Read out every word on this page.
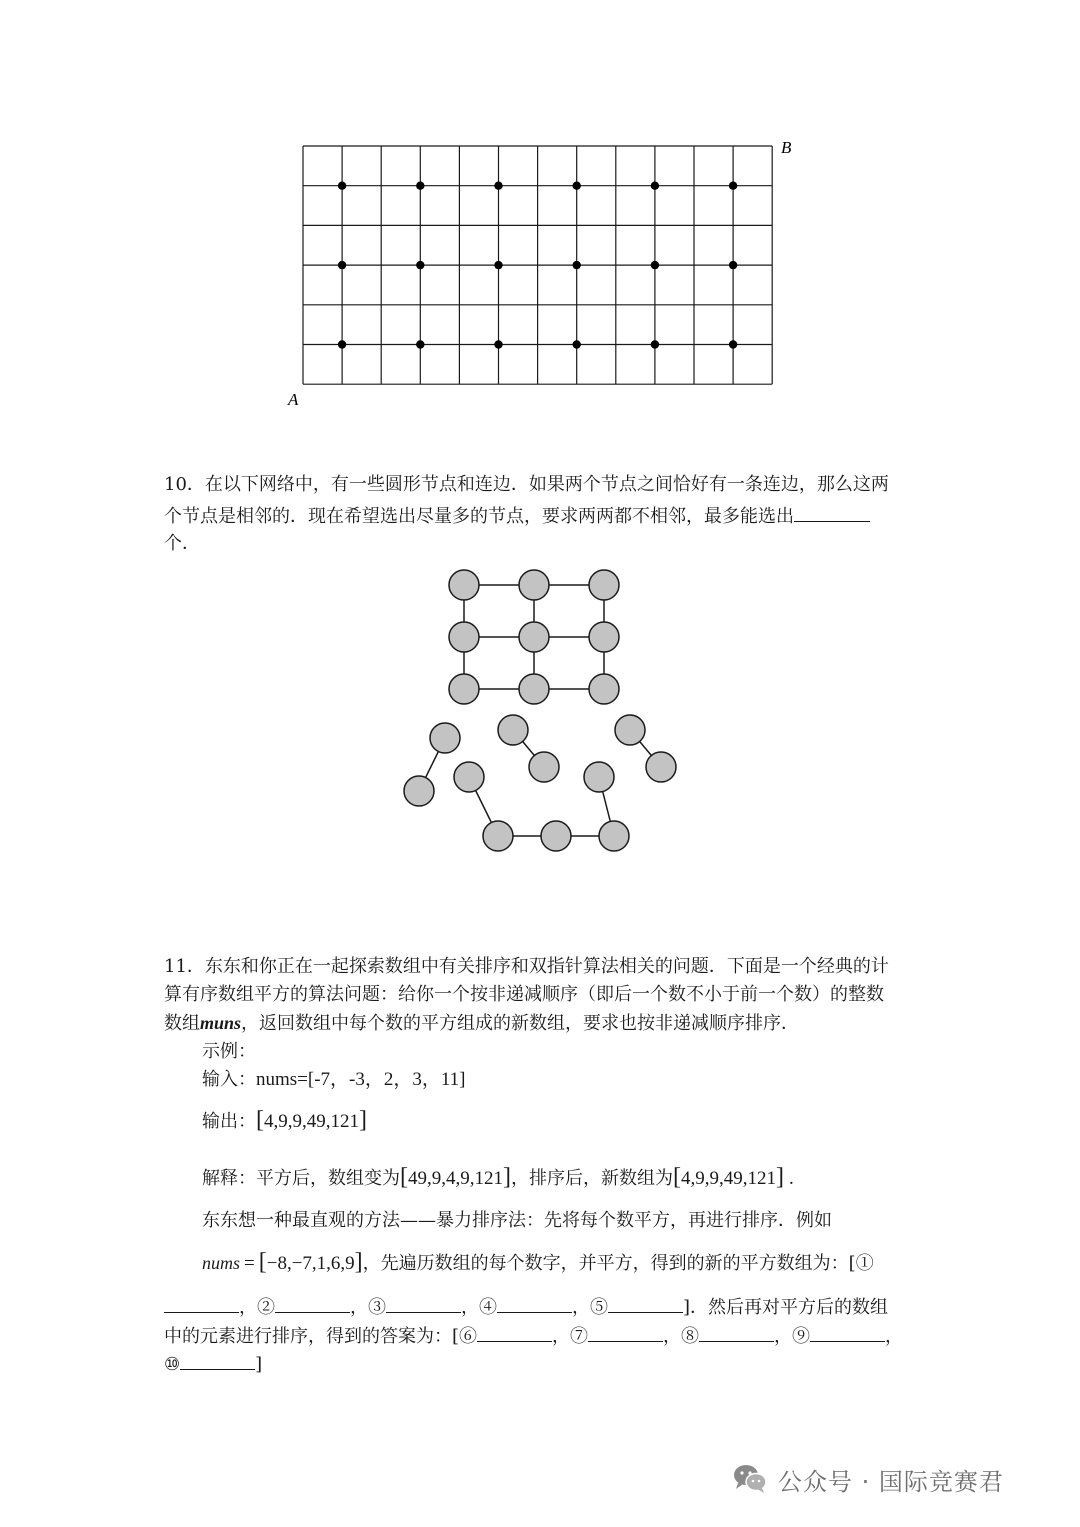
B
A
10．在以下网络中，有一些圆形节点和连边．如果两个节点之间恰好有一条连边，那么这两
个节点是相邻的．现在希望选出尽量多的节点，要求两两都不相邻，最多能选出
个．
11．东东和你正在一起探索数组中有关排序和双指针算法相关的问题．下面是一个经典的计
算有序数组平方的算法问题：给你一个按非递减顺序（即后一个数不小于前一个数）的整数
数组muns，返回数组中每个数的平方组成的新数组，要求也按非递减顺序排序．
示例：
输入：nums=[-7，-3，2，3，11]
输出：[4,9,9,49,121]
解释：平方后，数组变为[49,9,4,9,121]，排序后，新数组为[4,9,9,49,121] .
东东想一种最直观的方法——暴力排序法：先将每个数平方，再进行排序．例如
nums = [−8,−7,1,6,9]，先遍历数组的每个数字，并平方，得到的新的平方数组为：[①
，②	，③	，④	，⑤	]．然后再对平方后的数组
中的元素进行排序，得到的答案为：[⑥	，⑦	，⑧	，⑨	，
⑩	]
公众号 · 国际竞赛君
